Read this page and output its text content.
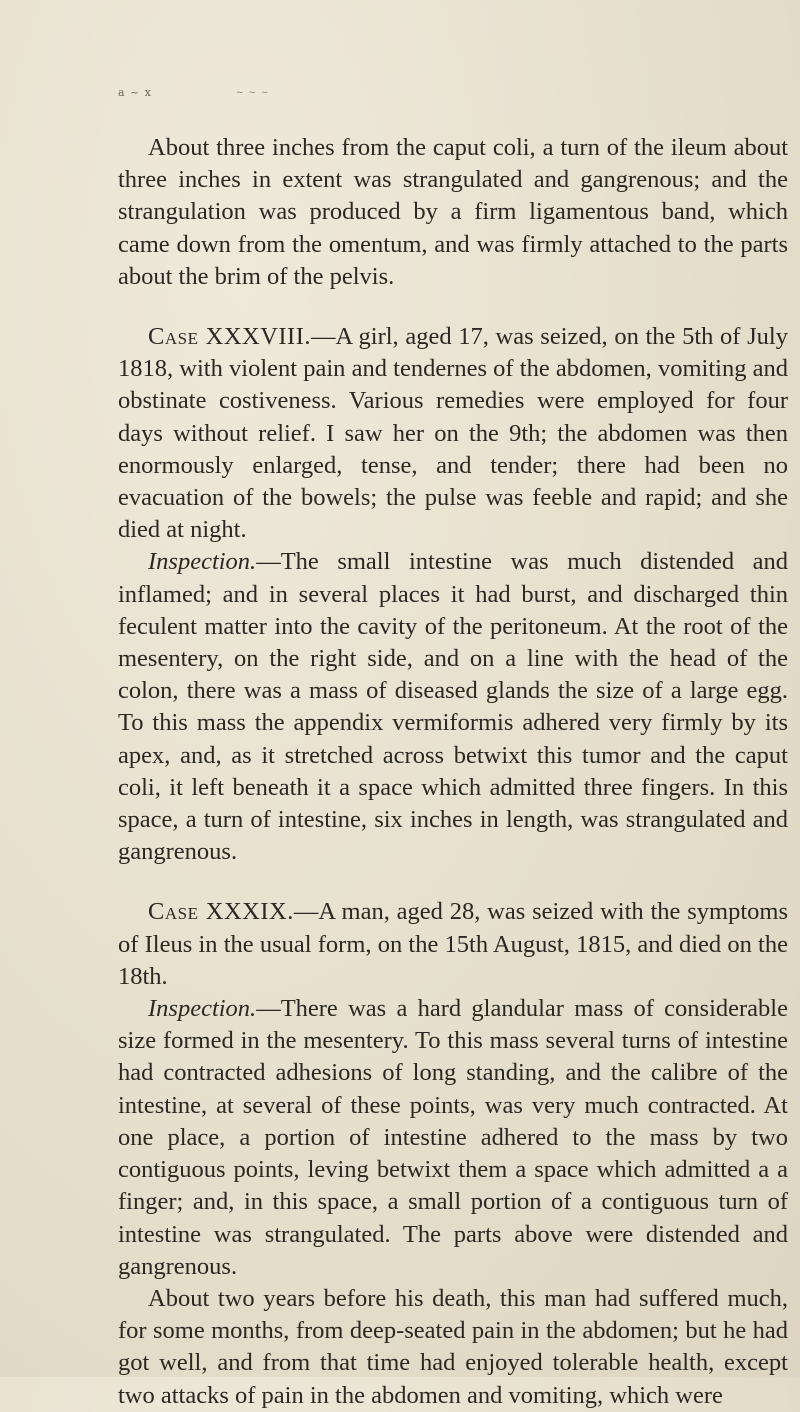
a ~ x	~ ~ ~

About three inches from the caput coli, a turn of the ileum about three inches in extent was strangulated and gangrenous; and the strangulation was produced by a firm ligamentous band, which came down from the omentum, and was firmly attached to the parts about the brim of the pelvis.

Case XXXVIII.—A girl, aged 17, was seized, on the 5th of July 1818, with violent pain and tendernes of the abdomen, vomiting and obstinate costiveness. Various remedies were employed for four days without relief. I saw her on the 9th; the abdomen was then enormously enlarged, tense, and tender; there had been no evacuation of the bowels; the pulse was feeble and rapid; and she died at night.

Inspection.—The small intestine was much distended and inflamed; and in several places it had burst, and discharged thin feculent matter into the cavity of the peritoneum. At the root of the mesentery, on the right side, and on a line with the head of the colon, there was a mass of diseased glands the size of a large egg. To this mass the appendix vermiformis adhered very firmly by its apex, and, as it stretched across betwixt this tumor and the caput coli, it left beneath it a space which admitted three fingers. In this space, a turn of intestine, six inches in length, was strangulated and gangrenous.

Case XXXIX.—A man, aged 28, was seized with the symptoms of Ileus in the usual form, on the 15th August, 1815, and died on the 18th.

Inspection.—There was a hard glandular mass of considerable size formed in the mesentery. To this mass several turns of intestine had contracted adhesions of long standing, and the calibre of the intestine, at several of these points, was very much contracted. At one place, a portion of intestine adhered to the mass by two contiguous points, leving betwixt them a space which admitted a a finger; and, in this space, a small portion of a contiguous turn of intestine was strangulated. The parts above were distended and gangrenous.

About two years before his death, this man had suffered much, for some months, from deep-seated pain in the abdomen; but he had got well, and from that time had enjoyed tolerable health, except two attacks of pain in the abdomen and vomiting, which were
